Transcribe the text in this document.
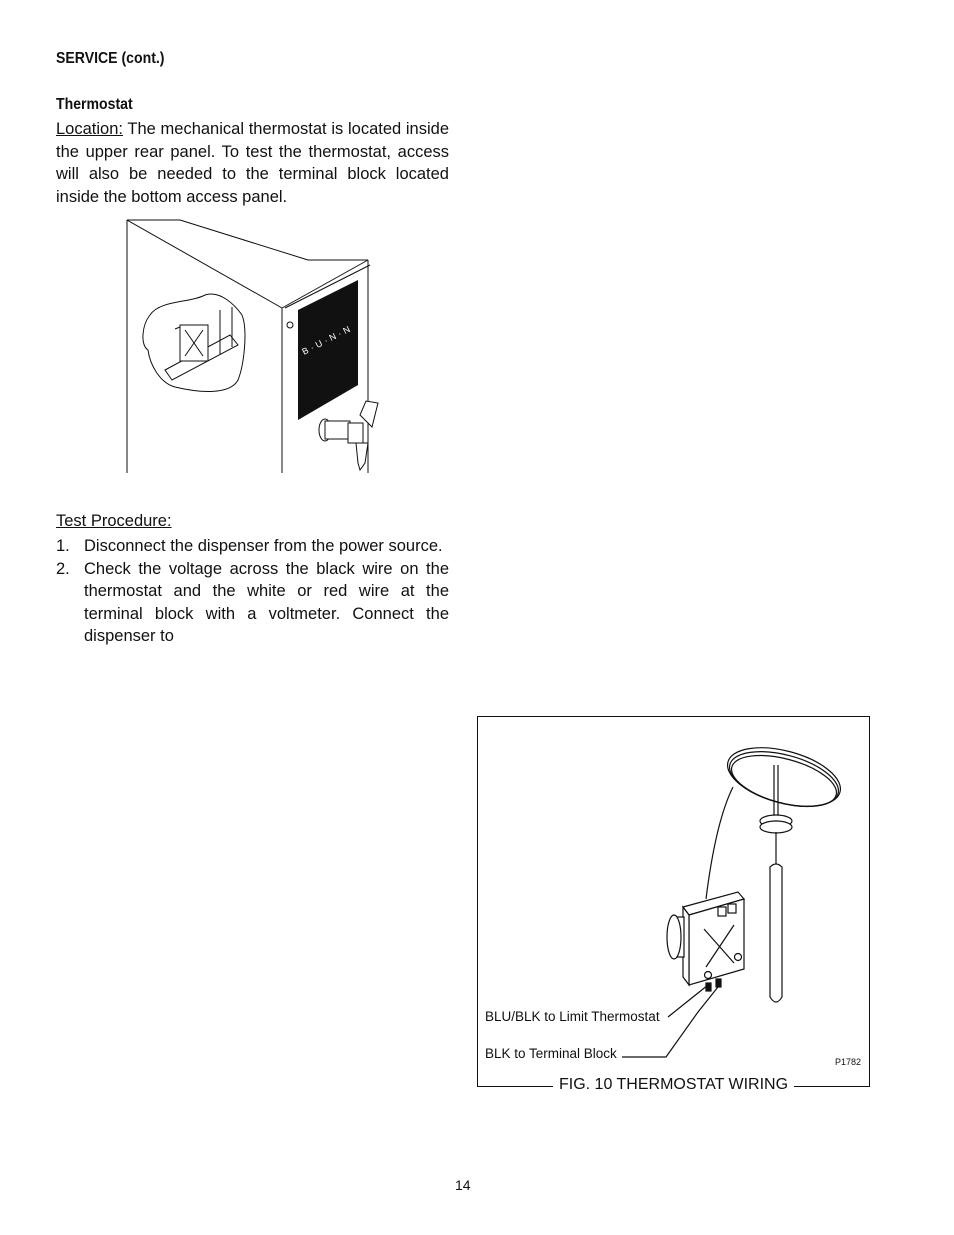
SERVICE (cont.)
Thermostat
Location: The mechanical thermostat is located inside the upper rear panel. To test the thermostat, access will also be needed to the terminal block located inside the bottom access panel.
B·U·N·N
Test Procedure:
1. Disconnect the dispenser from the power source.
2. Check the voltage across the black wire on the thermostat and the white or red wire at the terminal block with a voltmeter. Connect the dispenser to
BLU/BLK to Limit Thermostat
BLK to Terminal Block
P1782
FIG. 10 THERMOSTAT WIRING
14
